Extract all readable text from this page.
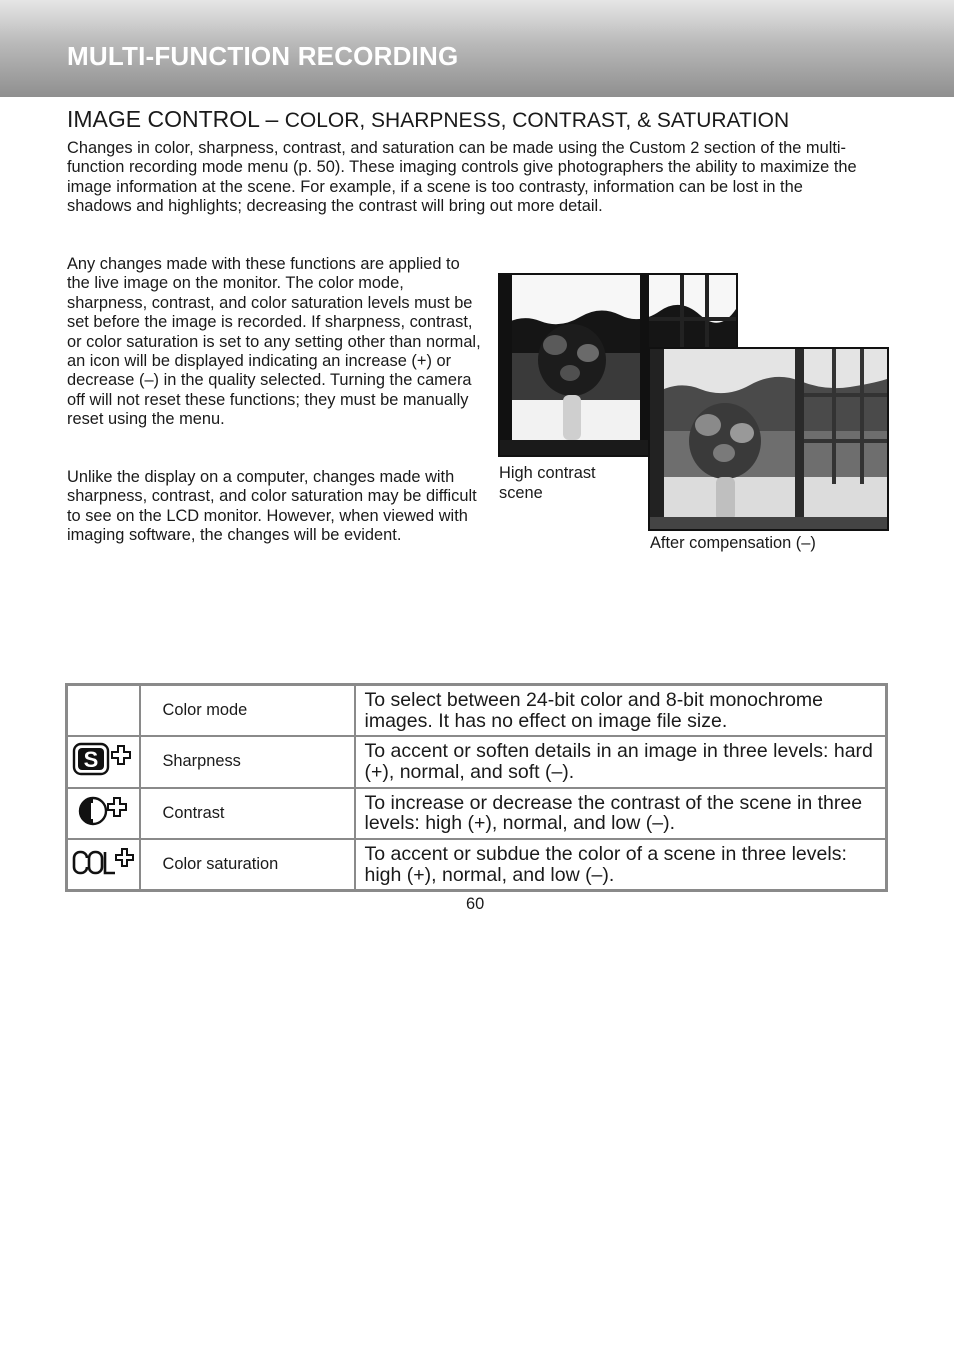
MULTI-FUNCTION RECORDING
IMAGE CONTROL – COLOR, SHARPNESS, CONTRAST, & SATURATION

Changes in color, sharpness, contrast, and saturation can be made using the Custom 2 section of the multi-function recording mode menu (p. 50). These imaging controls give photographers the ability to maximize the image information at the scene. For example, if a scene is too contrasty, information can be lost in the shadows and highlights; decreasing the contrast will bring out more detail.

Any changes made with these functions are applied to the live image on the monitor. The color mode, sharpness, contrast, and color saturation levels must be set before the image is recorded. If sharpness, contrast, or color saturation is set to any setting other than normal, an icon will be displayed indicating an increase (+) or decrease (–) in the quality selected. Turning the camera off will not reset these functions; they must be manually reset using the menu.

Unlike the display on a computer, changes made with sharpness, contrast, and color saturation may be difficult to see on the LCD monitor. However, when viewed with imaging software, the changes will be evident.

High contrast scene
After compensation (–)
	Color mode	To select between 24-bit color and 8-bit monochrome images. It has no effect on image file size.

S	Sharpness	To accent or soften details in an image in three levels: hard (+), normal, and soft (–).
	Contrast	To increase or decrease the contrast of the scene in three levels: high (+), normal, and low (–).
	Color saturation	To accent or subdue the color of a scene in three levels: high (+), normal, and low (–).
60
